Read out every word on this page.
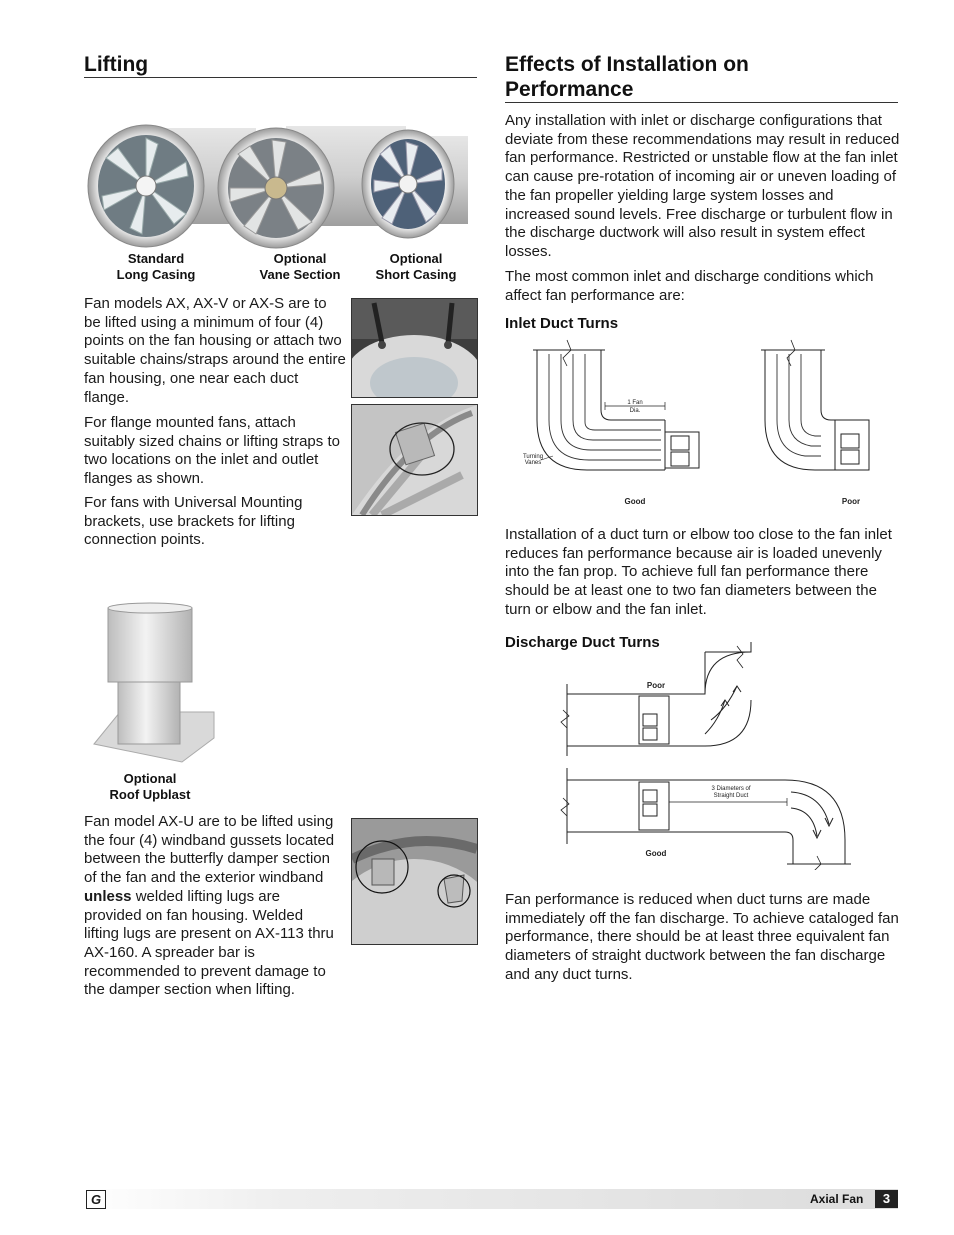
Lifting
Standard
Long Casing
Optional
Vane Section
Optional
Short Casing

Fan models AX, AX-V or AX-S are to be lifted using a minimum of four (4) points on the fan housing or attach two suitable chains/straps around the entire fan housing, one near each duct flange.

For flange mounted fans, attach suitably sized chains or lifting straps to two locations on the inlet and outlet flanges as shown.

For fans with Universal Mounting brackets, use brackets for lifting connection points.

Optional
Roof Upblast

Fan model AX-U are to be lifted using the four (4) windband gussets located between the butterfly damper section of the fan and the exterior windband unless welded lifting lugs are provided on fan housing. Welded lifting lugs are present on AX-113 thru AX-160. A spreader bar is recommended to prevent damage to the damper section when lifting.

Effects of Installation on
Performance

Any installation with inlet or discharge configurations that deviate from these recommendations may result in reduced fan performance. Restricted or unstable flow at the fan inlet can cause pre-rotation of incoming air or uneven loading of the fan propeller yielding large system losses and increased sound levels. Free discharge or turbulent flow in the discharge ductwork will also result in system effect losses.

The most common inlet and discharge conditions which affect fan performance are:

Inlet Duct Turns
1 Fan
Dia.
Turning
Vanes
Good	Poor

Installation of a duct turn or elbow too close to the fan inlet reduces fan performance because air is loaded unevenly into the fan prop. To achieve full fan performance there should be at least one to two fan diameters between the turn or elbow and the fan inlet.

Discharge Duct Turns
Poor
3 Diameters of
Straight Duct
Good

Fan performance is reduced when duct turns are made immediately off the fan discharge. To achieve cataloged fan performance, there should be at least three equivalent fan diameters of straight ductwork between the fan discharge and any duct turns.

G	Axial Fan	3
